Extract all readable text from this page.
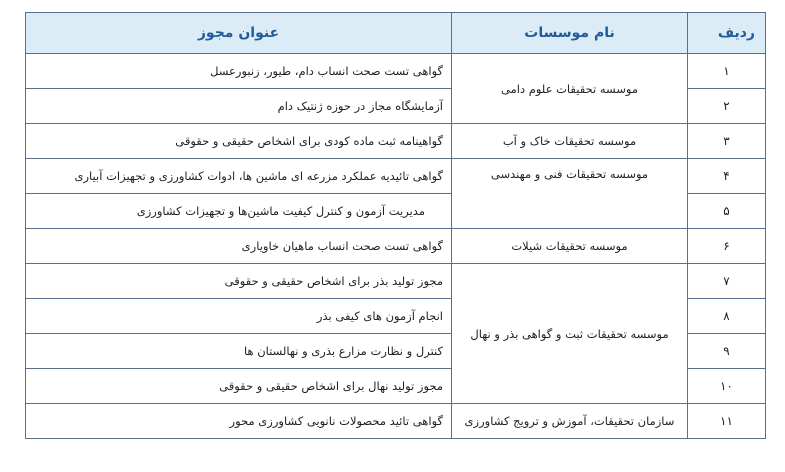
ردیف	نام موسسات	عنوان مجوز
۱	موسسه تحقیقات علوم دامی	گواهی تست صحت انساب دام، طیور، زنبورعسل
۲		آزمایشگاه مجاز در حوزه ژنتیک دام
۳	موسسه تحقیقات خاک و آب	گواهینامه ثبت ماده کودی برای اشخاص حقیقی و حقوقی
۴	موسسه تحقیقات فنی و مهندسی	گواهی تائیدیه عملکرد مزرعه ای ماشین ها، ادوات کشاورزی و تجهیزات آبیاری
۵		مدیریت آزمون و کنترل کیفیت ماشین‌ها و تجهیزات کشاورزی
۶	موسسه تحقیقات شیلات	گواهی تست صحت انساب ماهیان خاویاری
۷	موسسه تحقیقات ثبت و گواهی بذر و نهال	مجوز تولید بذر برای اشخاص حقیقی و حقوقی
۸		انجام آزمون های کیفی بذر
۹		کنترل و نظارت مزارع بذری و نهالستان ها
۱۰		مجوز تولید نهال برای اشخاص حقیقی و حقوقی
۱۱	سازمان تحقیقات، آموزش و ترویج کشاورزی	گواهی تائید محصولات نانویی کشاورزی محور
